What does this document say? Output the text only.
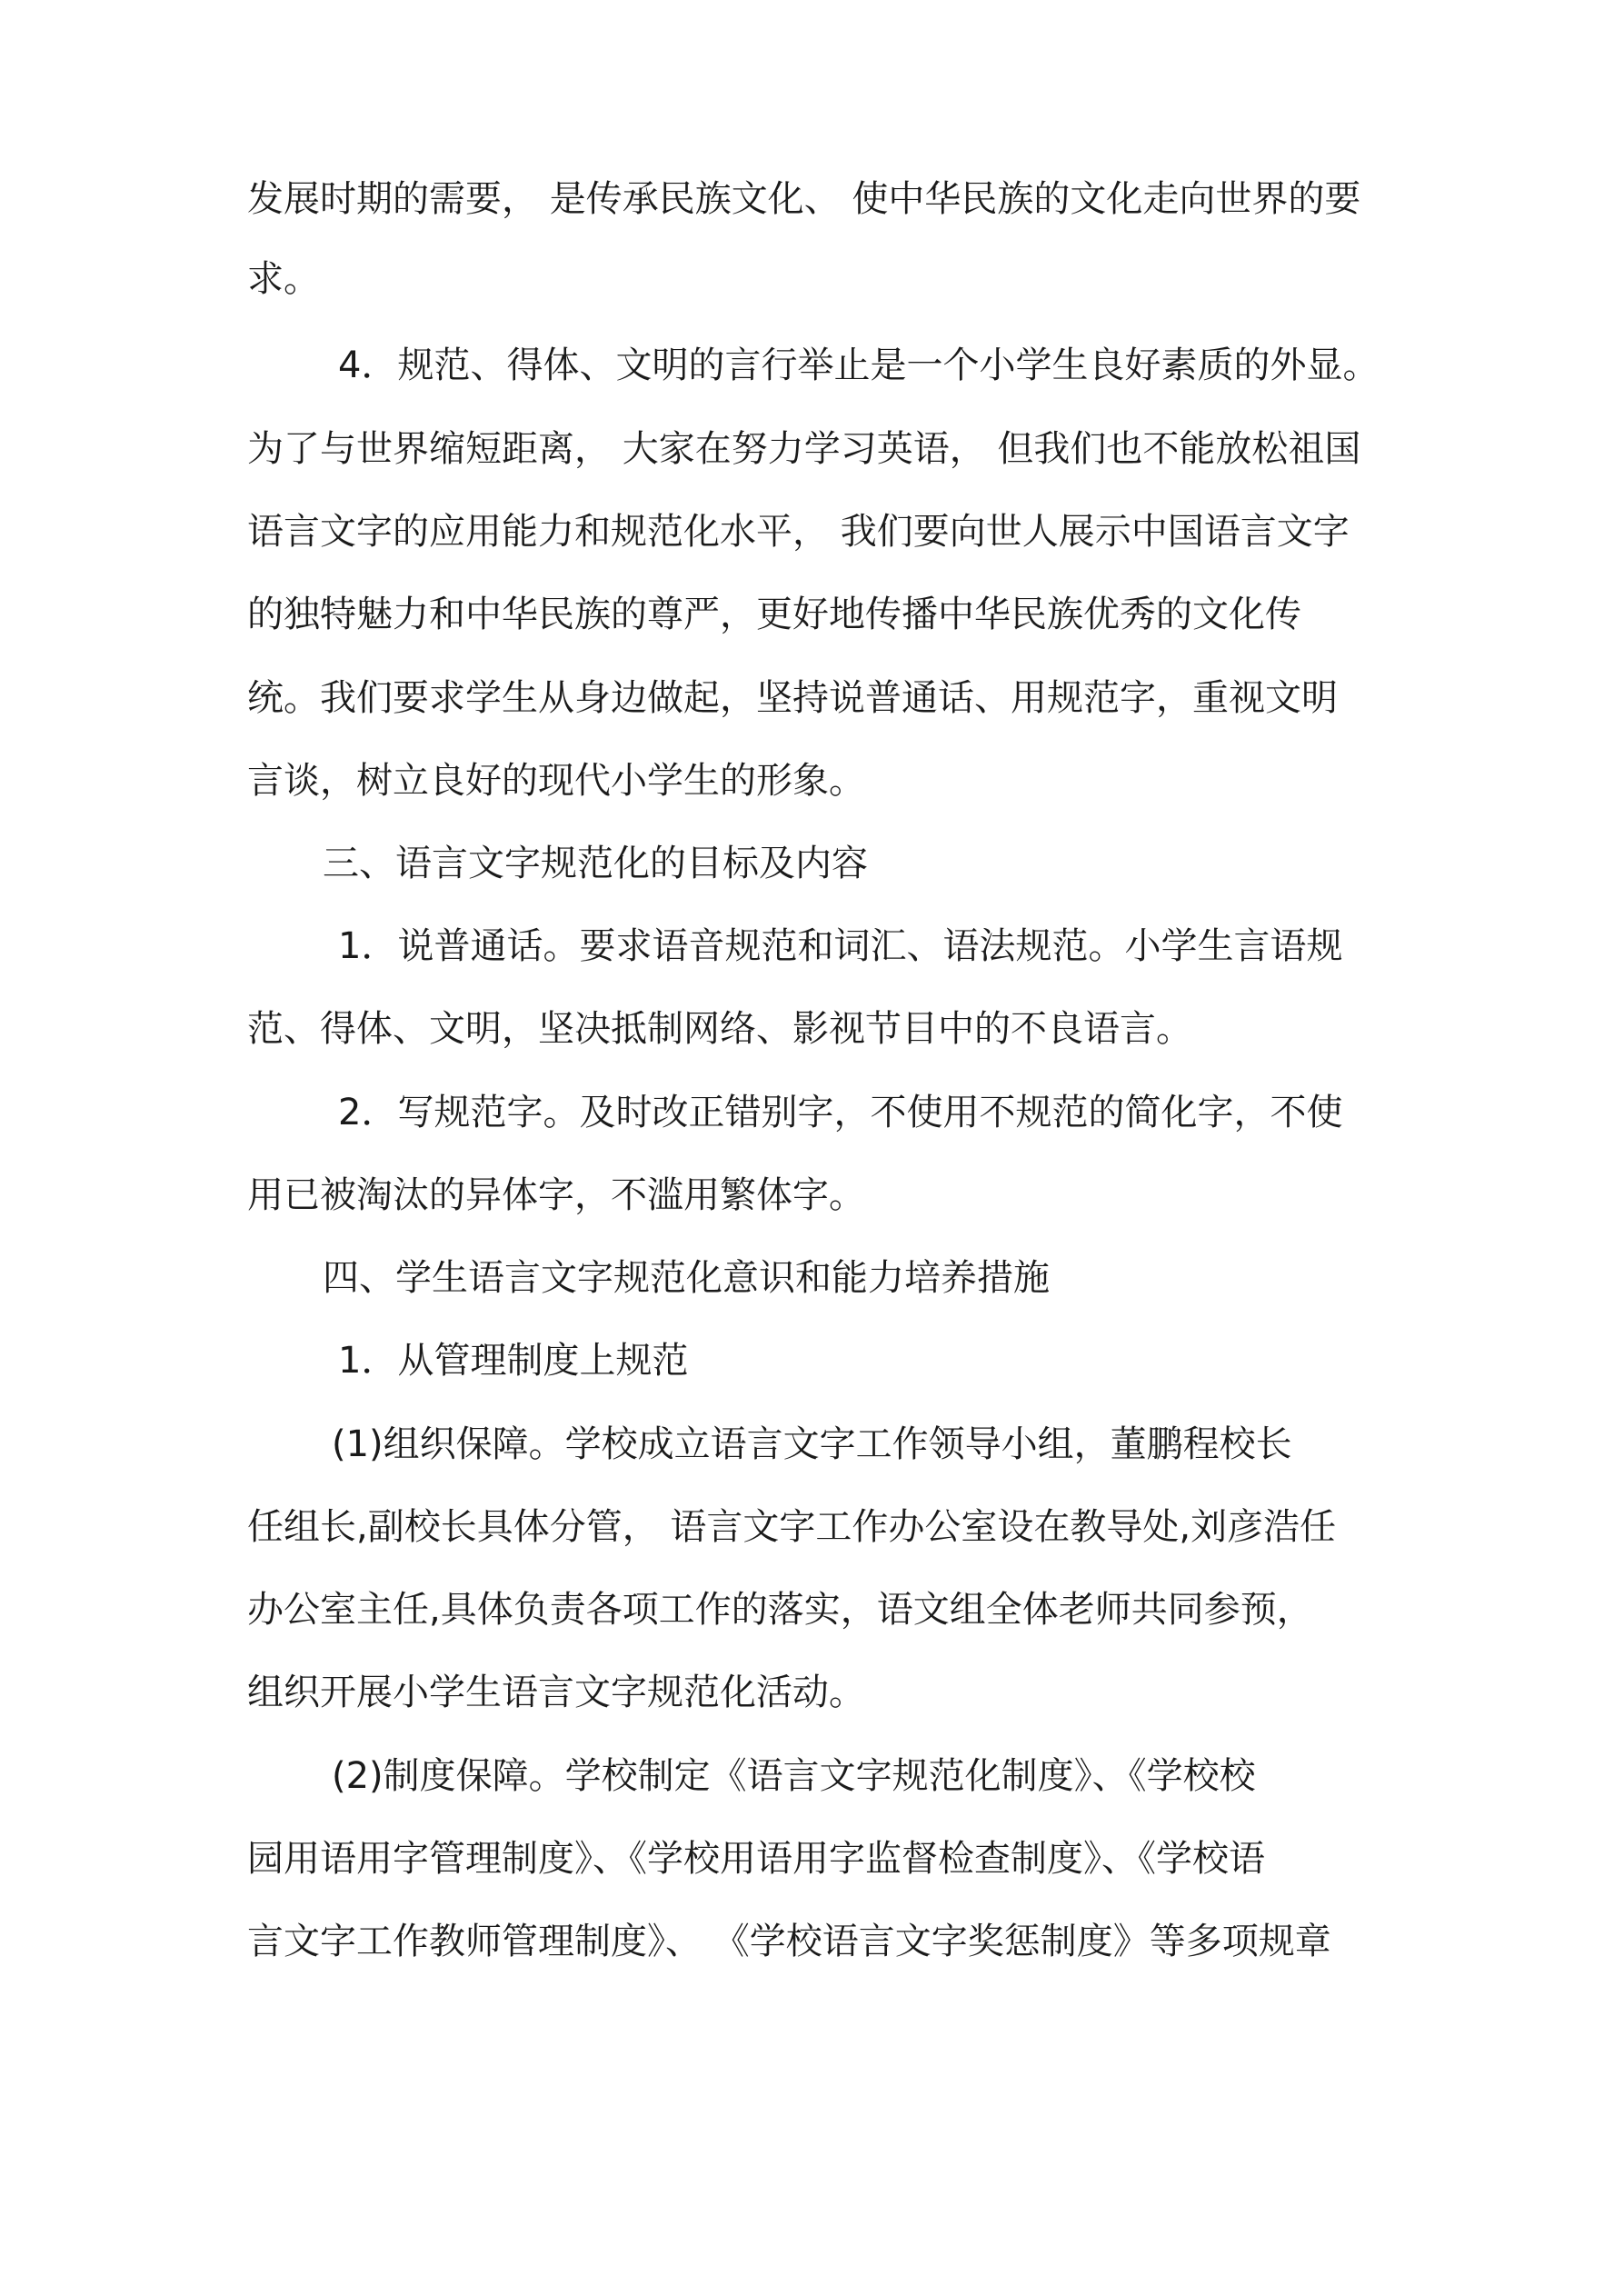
发展时期的需要， 是传承民族文化、 使中华民族的文化走向世界的要
求。
4．规范、得体、文明的言行举止是一个小学生良好素质的外显。
为了与世界缩短距离， 大家在努力学习英语， 但我们也不能放松祖国
语言文字的应用能力和规范化水平， 我们要向世人展示中国语言文字
的独特魅力和中华民族的尊严，更好地传播中华民族优秀的文化传
统。我们要求学生从身边做起，坚持说普通话、用规范字，重视文明
言谈，树立良好的现代小学生的形象。
三、语言文字规范化的目标及内容
1．说普通话。要求语音规范和词汇、语法规范。小学生言语规
范、得体、文明，坚决抵制网络、影视节目中的不良语言。
2．写规范字。及时改正错别字，不使用不规范的简化字，不使
用已被淘汰的异体字，不滥用繁体字。
四、学生语言文字规范化意识和能力培养措施
1．从管理制度上规范
(1)组织保障。学校成立语言文字工作领导小组，董鹏程校长
任组长,副校长具体分管， 语言文字工作办公室设在教导处,刘彦浩任
办公室主任,具体负责各项工作的落实，语文组全体老师共同参预，
组织开展小学生语言文字规范化活动。
(2)制度保障。学校制定《语言文字规范化制度》、《学校校
园用语用字管理制度》、《学校用语用字监督检查制度》、《学校语
言文字工作教师管理制度》、 《学校语言文字奖惩制度》等多项规章
